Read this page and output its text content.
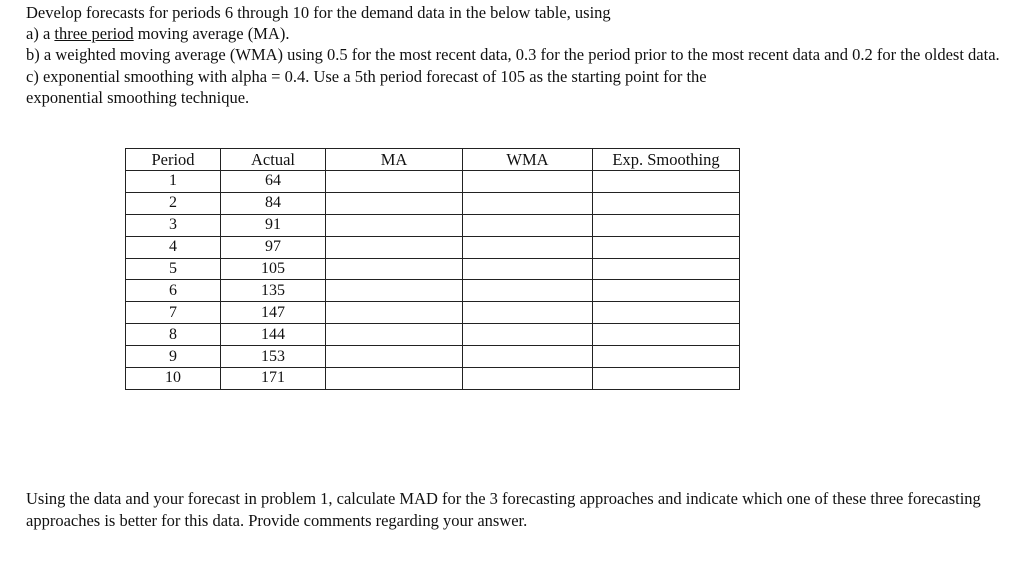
Develop forecasts for periods 6 through 10 for the demand data in the below table, using

a) a three period moving average (MA).

b) a weighted moving average (WMA) using 0.5 for the most recent data, 0.3 for the period prior to the most recent data and 0.2 for the oldest data.

c) exponential smoothing with alpha = 0.4. Use a 5th period forecast of 105 as the starting point for the exponential smoothing technique.

Period	Actual	MA	WMA	Exp. Smoothing
1	64			
2	84			
3	91			
4	97			
5	105			
6	135			
7	147			
8	144			
9	153			
10	171			

Using the data and your forecast in problem 1, calculate MAD for the 3 forecasting approaches and indicate which one of these three forecasting approaches is better for this data. Provide comments regarding your answer.
